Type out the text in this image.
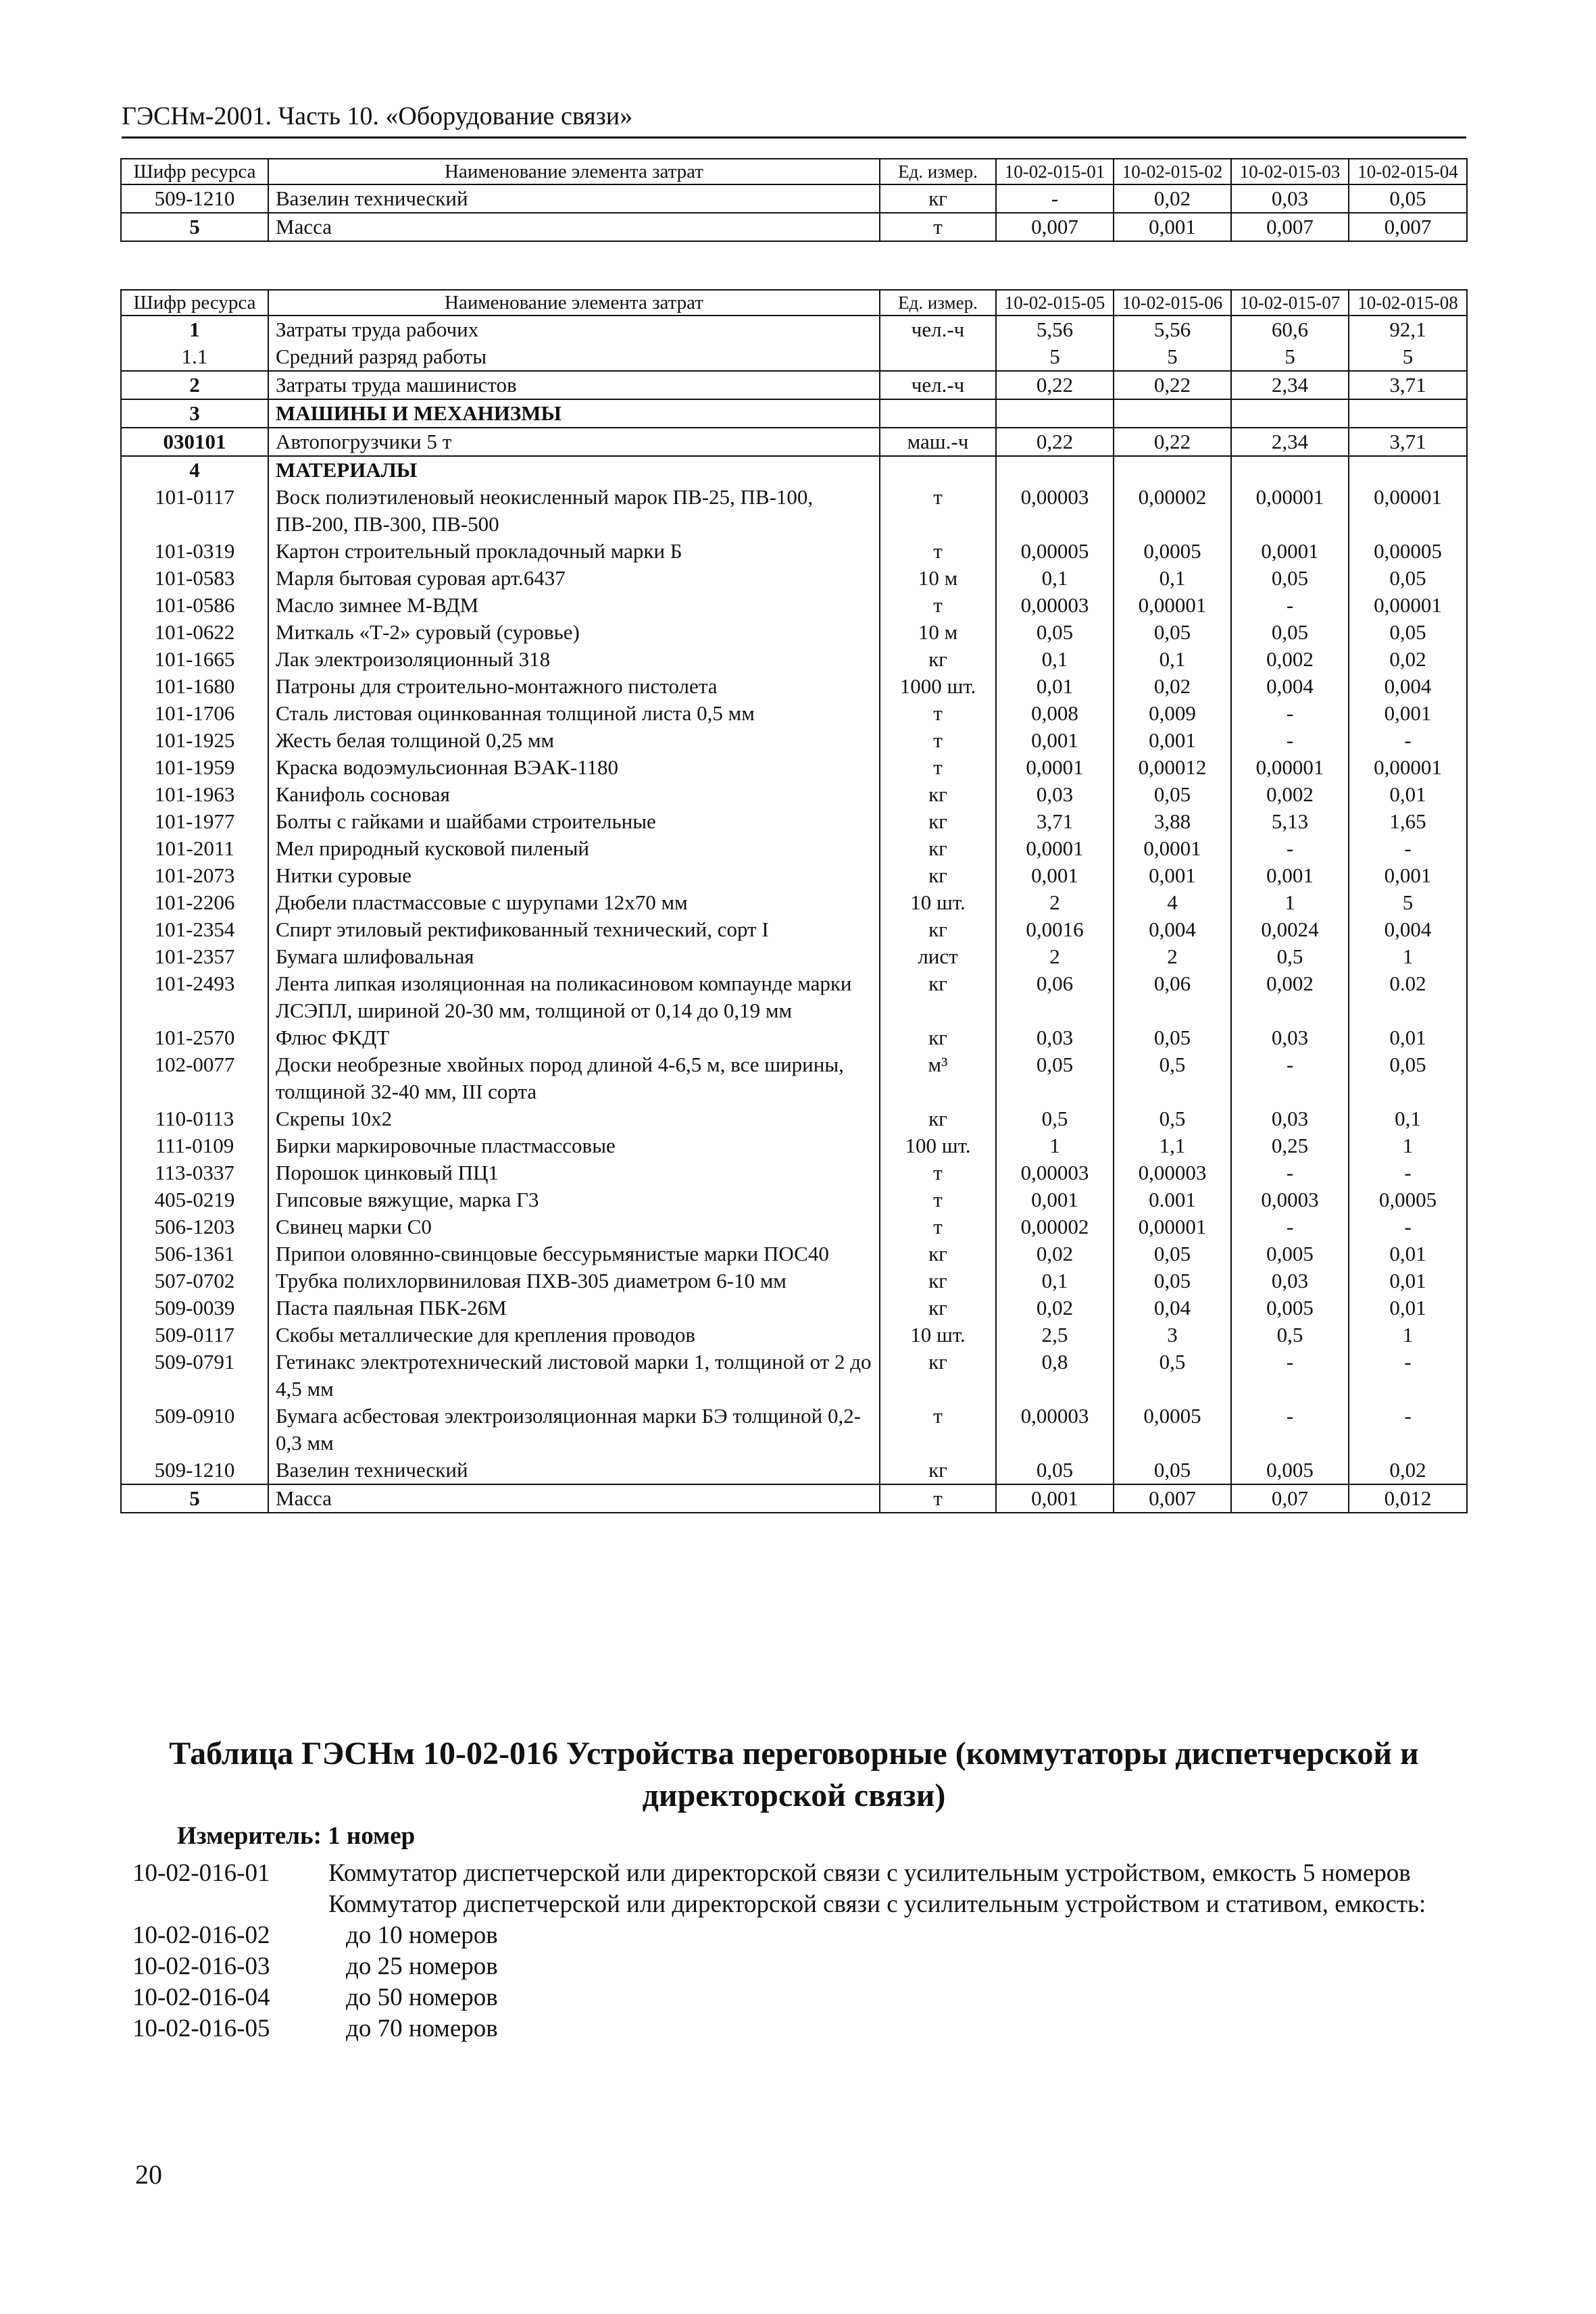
ГЭСНм-2001. Часть 10. «Оборудование связи»
Шифр ресурса	Наименование элемента затрат	Ед. измер.	10-02-015-01	10-02-015-02	10-02-015-03	10-02-015-04
509-1210	Вазелин технический	кг	-	0,02	0,03	0,05
5	Масса	т	0,007	0,001	0,007	0,007
Шифр ресурса	Наименование элемента затрат	Ед. измер.	10-02-015-05	10-02-015-06	10-02-015-07	10-02-015-08
1	Затраты труда рабочих	чел.-ч	5,56	5,56	60,6	92,1
1.1	Средний разряд работы		5	5	5	5
2	Затраты труда машинистов	чел.-ч	0,22	0,22	2,34	3,71
3	МАШИНЫ И МЕХАНИЗМЫ					
030101	Автопогрузчики 5 т	маш.-ч	0,22	0,22	2,34	3,71
4	МАТЕРИАЛЫ					
101-0117	Воск полиэтиленовый неокисленный марок ПВ-25, ПВ-100, ПВ-200, ПВ-300, ПВ-500	т	0,00003	0,00002	0,00001	0,00001
101-0319	Картон строительный прокладочный марки Б	т	0,00005	0,0005	0,0001	0,00005
101-0583	Марля бытовая суровая арт.6437	10 м	0,1	0,1	0,05	0,05
101-0586	Масло зимнее М-ВДМ	т	0,00003	0,00001	-	0,00001
101-0622	Миткаль «Т-2» суровый (суровье)	10 м	0,05	0,05	0,05	0,05
101-1665	Лак электроизоляционный 318	кг	0,1	0,1	0,002	0,02
101-1680	Патроны для строительно-монтажного пистолета	1000 шт.	0,01	0,02	0,004	0,004
101-1706	Сталь листовая оцинкованная толщиной листа 0,5 мм	т	0,008	0,009	-	0,001
101-1925	Жесть белая толщиной 0,25 мм	т	0,001	0,001	-	-
101-1959	Краска водоэмульсионная ВЭАК-1180	т	0,0001	0,00012	0,00001	0,00001
101-1963	Канифоль сосновая	кг	0,03	0,05	0,002	0,01
101-1977	Болты с гайками и шайбами строительные	кг	3,71	3,88	5,13	1,65
101-2011	Мел природный кусковой пиленый	кг	0,0001	0,0001	-	-
101-2073	Нитки суровые	кг	0,001	0,001	0,001	0,001
101-2206	Дюбели пластмассовые с шурупами 12х70 мм	10 шт.	2	4	1	5
101-2354	Спирт этиловый ректификованный технический, сорт I	кг	0,0016	0,004	0,0024	0,004
101-2357	Бумага шлифовальная	лист	2	2	0,5	1
101-2493	Лента липкая изоляционная на поликасиновом компаунде марки ЛСЭПЛ, шириной 20-30 мм, толщиной от 0,14 до 0,19 мм	кг	0,06	0,06	0,002	0.02
101-2570	Флюс ФКДТ	кг	0,03	0,05	0,03	0,01
102-0077	Доски необрезные хвойных пород длиной 4-6,5 м, все ширины, толщиной 32-40 мм, III сорта	м³	0,05	0,5	-	0,05
110-0113	Скрепы 10х2	кг	0,5	0,5	0,03	0,1
111-0109	Бирки маркировочные пластмассовые	100 шт.	1	1,1	0,25	1
113-0337	Порошок цинковый ПЦ1	т	0,00003	0,00003	-	-
405-0219	Гипсовые вяжущие, марка Г3	т	0,001	0.001	0,0003	0,0005
506-1203	Свинец марки С0	т	0,00002	0,00001	-	-
506-1361	Припои оловянно-свинцовые бессурьмянистые марки ПОС40	кг	0,02	0,05	0,005	0,01
507-0702	Трубка полихлорвиниловая ПХВ-305 диаметром 6-10 мм	кг	0,1	0,05	0,03	0,01
509-0039	Паста паяльная ПБК-26М	кг	0,02	0,04	0,005	0,01
509-0117	Скобы металлические для крепления проводов	10 шт.	2,5	3	0,5	1
509-0791	Гетинакс электротехнический листовой марки 1, толщиной от 2 до 4,5 мм	кг	0,8	0,5	-	-
509-0910	Бумага асбестовая электроизоляционная марки БЭ толщиной 0,2-0,3 мм	т	0,00003	0,0005	-	-
509-1210	Вазелин технический	кг	0,05	0,05	0,005	0,02
5	Масса	т	0,001	0,007	0,07	0,012
Таблица ГЭСНм 10-02-016 Устройства переговорные (коммутаторы диспетчерской и директорской связи)
Измеритель: 1 номер
10-02-016-01	Коммутатор диспетчерской или директорской связи с усилительным устройством, емкость 5 номеров
Коммутатор диспетчерской или директорской связи с усилительным устройством и стативом, емкость:
10-02-016-02	до 10 номеров
10-02-016-03	до 25 номеров
10-02-016-04	до 50 номеров
10-02-016-05	до 70 номеров
20
